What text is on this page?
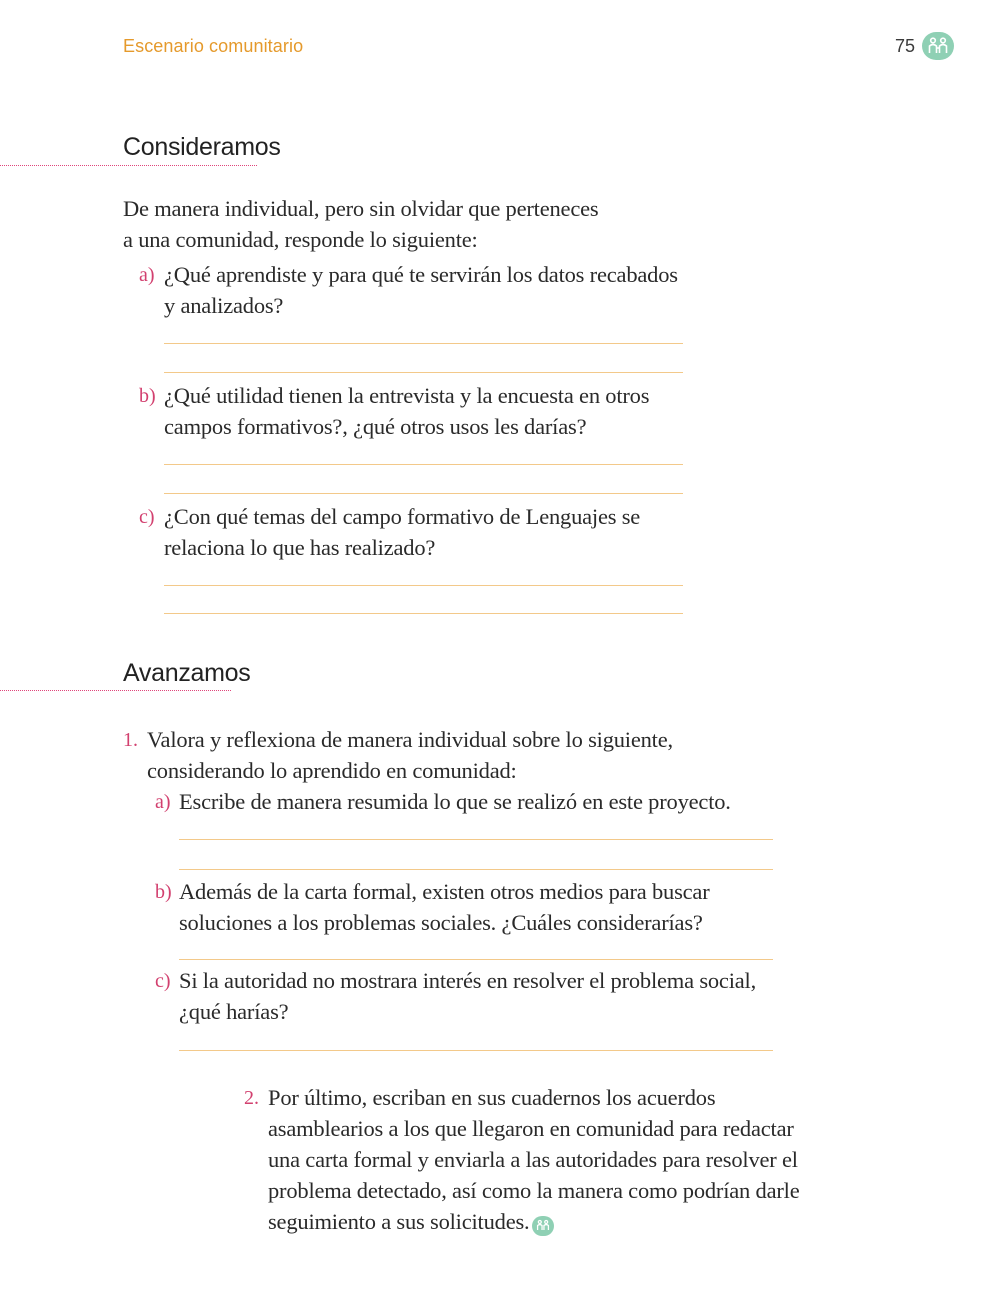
Escenario comunitario	75
Consideramos
De manera individual, pero sin olvidar que perteneces
a una comunidad, responde lo siguiente:
a) ¿Qué aprendiste y para qué te servirán los datos recabados
y analizados?
b) ¿Qué utilidad tienen la entrevista y la encuesta en otros
campos formativos?, ¿qué otros usos les darías?
c) ¿Con qué temas del campo formativo de Lenguajes se
relaciona lo que has realizado?
Avanzamos
1. Valora y reflexiona de manera individual sobre lo siguiente,
considerando lo aprendido en comunidad:
a) Escribe de manera resumida lo que se realizó en este proyecto.
b) Además de la carta formal, existen otros medios para buscar
soluciones a los problemas sociales. ¿Cuáles considerarías?
c) Si la autoridad no mostrara interés en resolver el problema social,
¿qué harías?
2. Por último, escriban en sus cuadernos los acuerdos
asamblearios a los que llegaron en comunidad para redactar
una carta formal y enviarla a las autoridades para resolver el
problema detectado, así como la manera como podrían darle
seguimiento a sus solicitudes.
